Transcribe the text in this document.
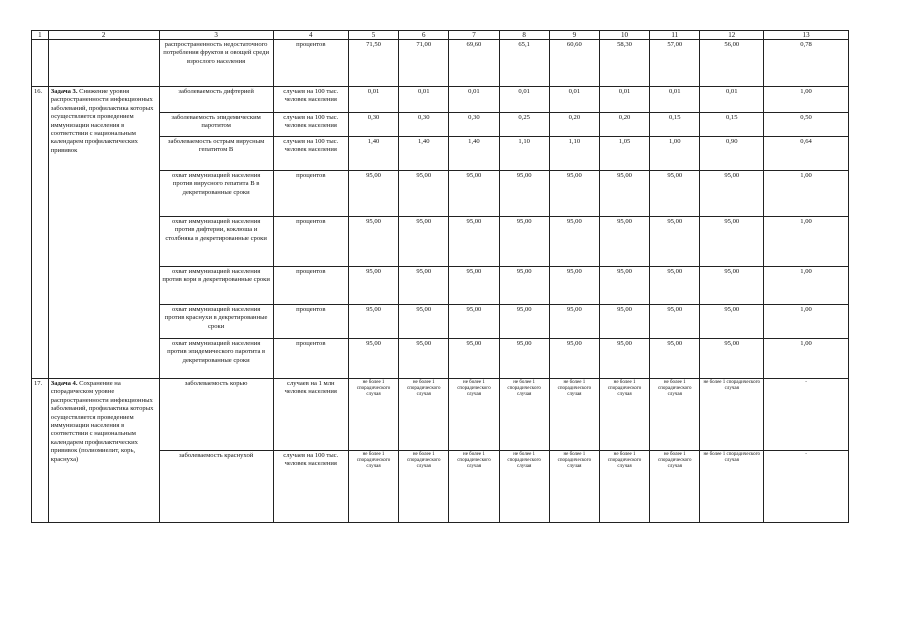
1	2	3	4	5	6	7	8	9	10	11	12	13
		распространенность недостаточного потребления фруктов и овощей среди взрослого населения	процентов	71,50	71,00	69,60	65,1	60,60	58,30	57,00	56,00	0,78
16.	Задача 3. Снижение уровня распространенности инфекционных заболеваний, профилактика которых осуществляется проведением иммунизации населения в соответствии с национальным календарем профилактических прививок	заболеваемость дифтерией	случаев на 100 тыс. человек населения	0,01	0,01	0,01	0,01	0,01	0,01	0,01	0,01	1,00
		заболеваемость эпидемическим паротитом	случаев на 100 тыс. человек населения	0,30	0,30	0,30	0,25	0,20	0,20	0,15	0,15	0,50
		заболеваемость острым вирусным гепатитом В	случаев на 100 тыс. человек населения	1,40	1,40	1,40	1,10	1,10	1,05	1,00	0,90	0,64
		охват иммунизацией населения против вирусного гепатита В в декретированные сроки	процентов	95,00	95,00	95,00	95,00	95,00	95,00	95,00	95,00	1,00
		охват иммунизацией населения против дифтерии, коклюша и столбняка в декретированные сроки	процентов	95,00	95,00	95,00	95,00	95,00	95,00	95,00	95,00	1,00
		охват иммунизацией населения против кори в декретированные сроки	процентов	95,00	95,00	95,00	95,00	95,00	95,00	95,00	95,00	1,00
		охват иммунизацией населения против краснухи в декретированные сроки	процентов	95,00	95,00	95,00	95,00	95,00	95,00	95,00	95,00	1,00
		охват иммунизацией населения против эпидемического паротита в декретированные сроки	процентов	95,00	95,00	95,00	95,00	95,00	95,00	95,00	95,00	1,00
17.	Задача 4. Сохранение на спорадическом уровне распространенности инфекционных заболеваний, профилактика которых осуществляется проведением иммунизации населения в соответствии с национальным календарем профилактических прививок (полиомиелит, корь, краснуха)	заболеваемость корью	случаев на 1 млн человек населения	не более 1 спорадического случая	не более 1 спорадического случая	не более 1 спорадического случая	не более 1 спорадического случая	не более 1 спорадического случая	не более 1 спорадического случая	не более 1 спорадического случая	не более 1 спорадического случая	-
		заболеваемость краснухой	случаев на 100 тыс. человек населения	не более 1 спорадического случая	не более 1 спорадического случая	не более 1 спорадического случая	не более 1 спорадического случая	не более 1 спорадического случая	не более 1 спорадического случая	не более 1 спорадического случая	не более 1 спорадического случая	-
